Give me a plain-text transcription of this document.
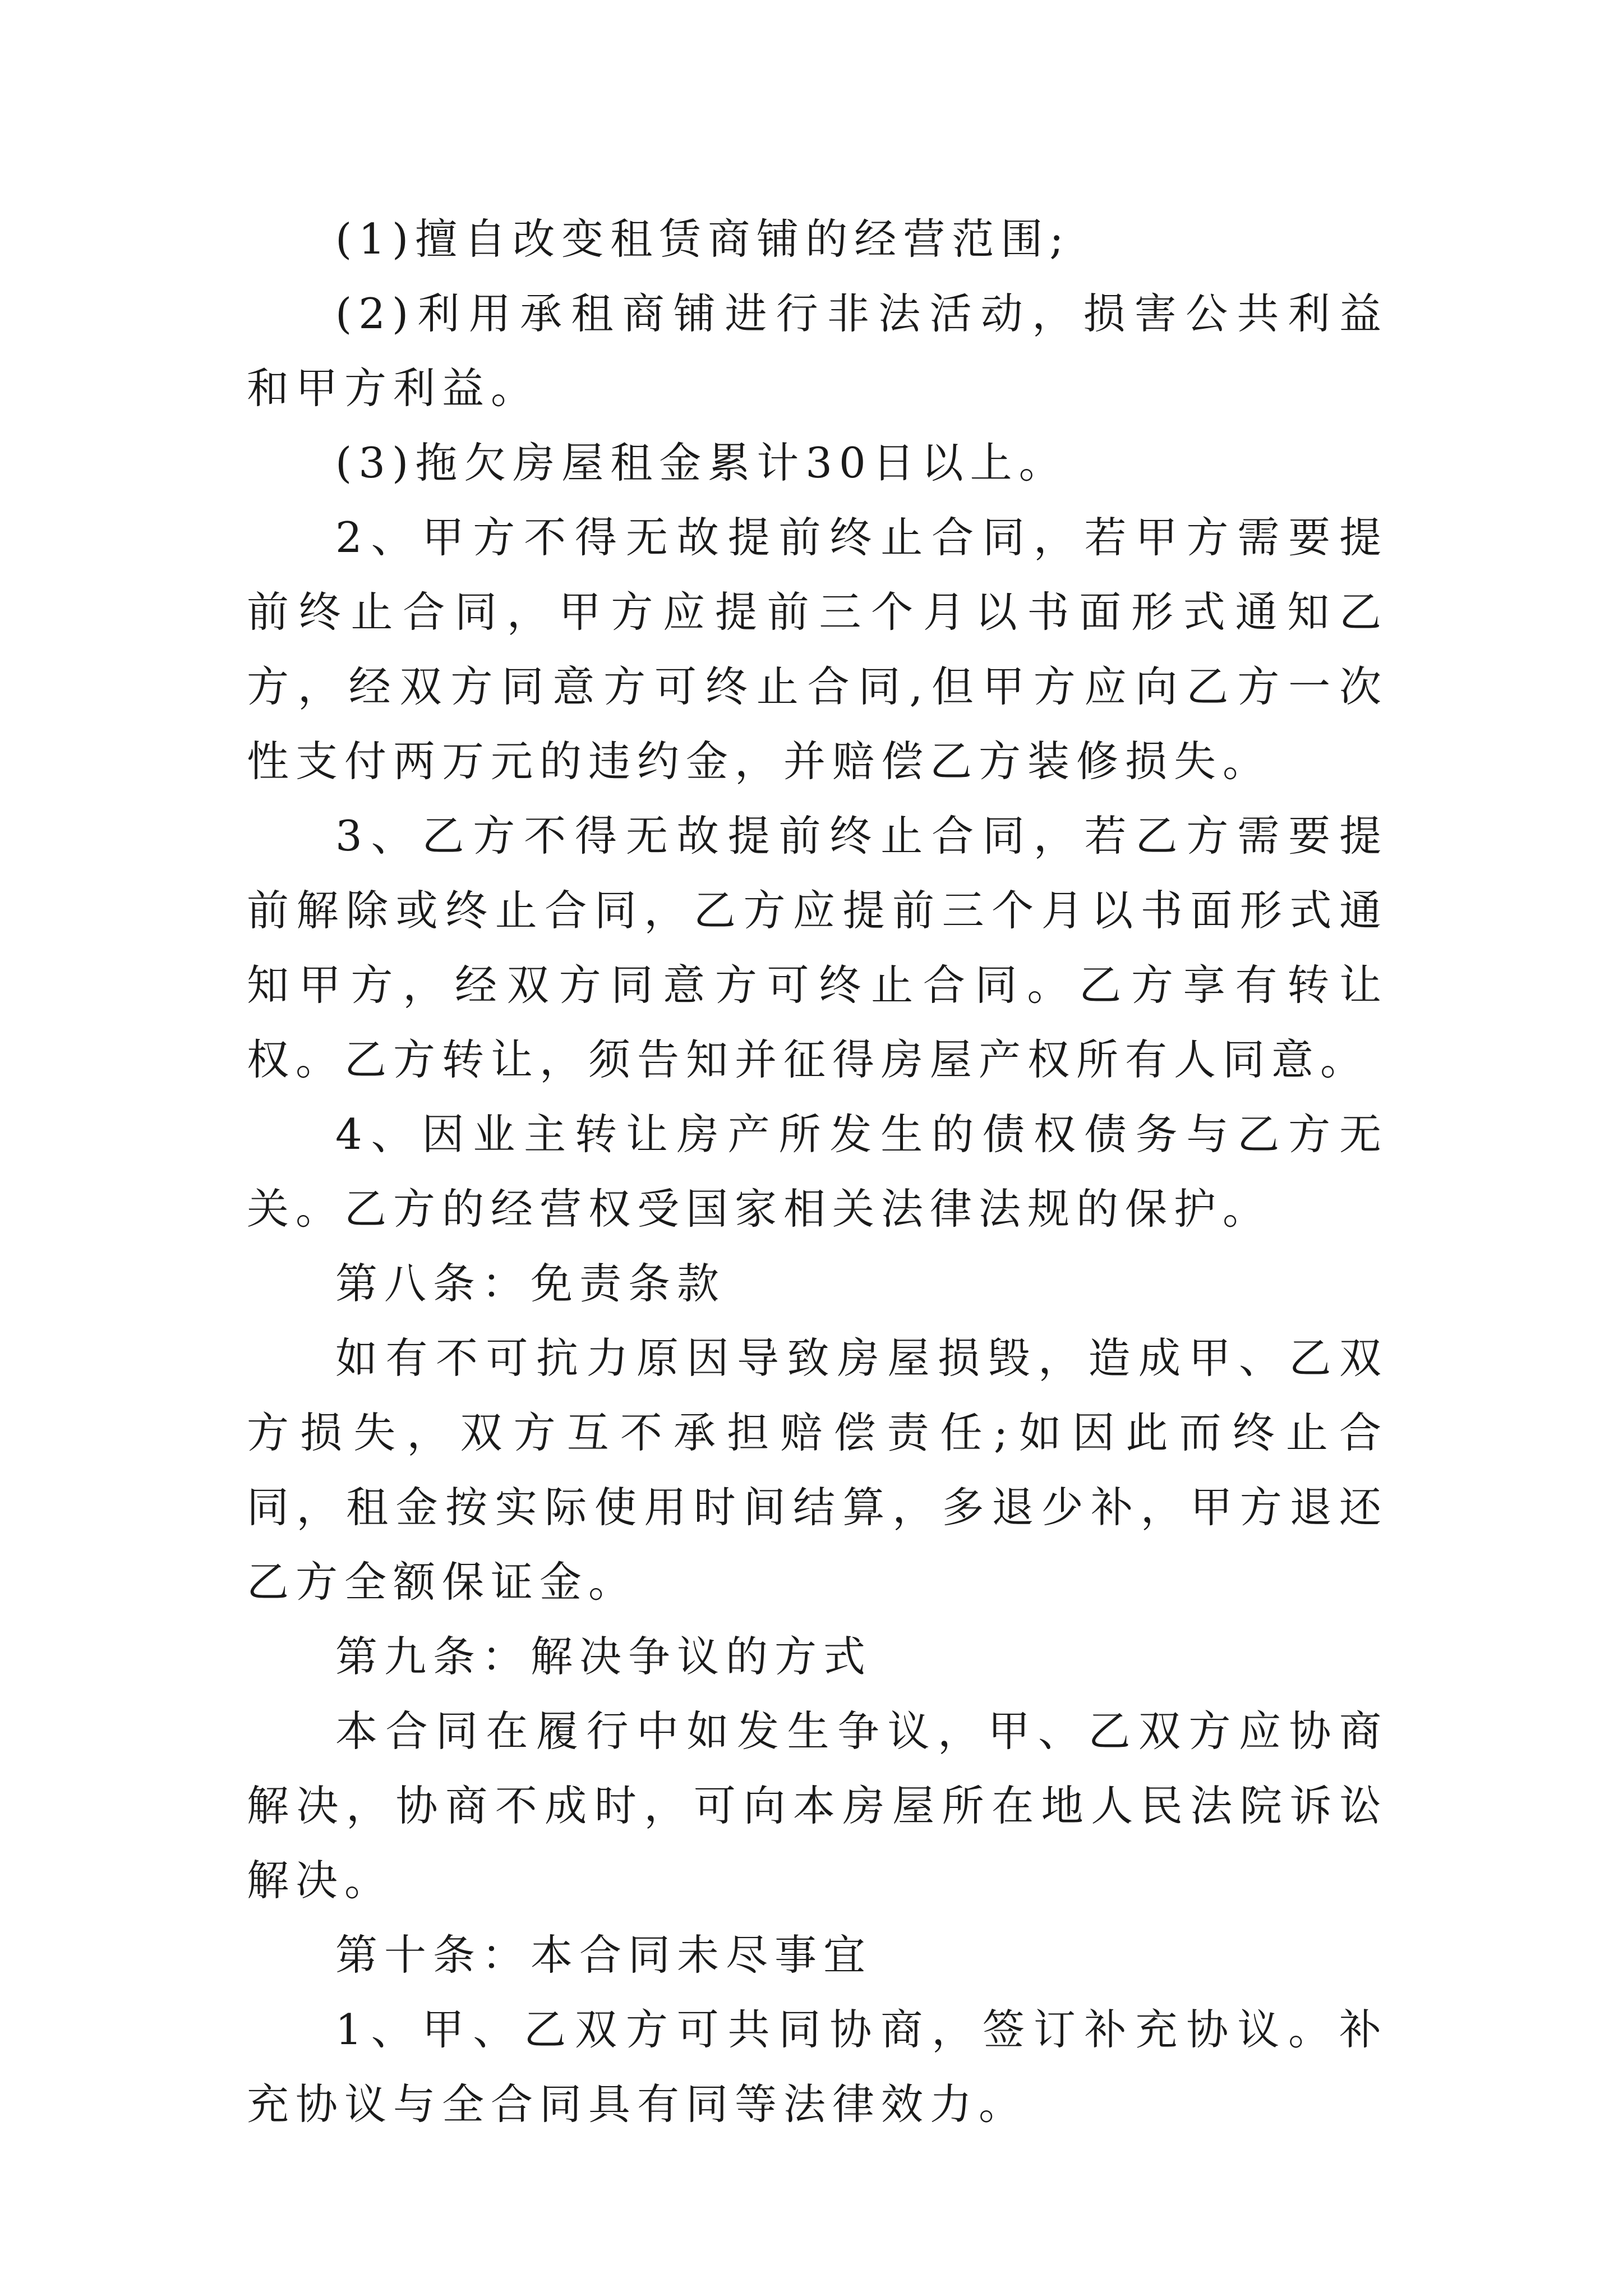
(1)擅自改变租赁商铺的经营范围;

(2)利用承租商铺进行非法活动，损害公共利益和甲方利益。

(3)拖欠房屋租金累计30日以上。

2、甲方不得无故提前终止合同，若甲方需要提前终止合同，甲方应提前三个月以书面形式通知乙方，经双方同意方可终止合同,但甲方应向乙方一次性支付两万元的违约金，并赔偿乙方装修损失。

3、乙方不得无故提前终止合同，若乙方需要提前解除或终止合同，乙方应提前三个月以书面形式通知甲方，经双方同意方可终止合同。乙方享有转让权。乙方转让，须告知并征得房屋产权所有人同意。

4、因业主转让房产所发生的债权债务与乙方无关。乙方的经营权受国家相关法律法规的保护。

第八条：免责条款

如有不可抗力原因导致房屋损毁，造成甲、乙双方损失，双方互不承担赔偿责任;如因此而终止合同，租金按实际使用时间结算，多退少补，甲方退还乙方全额保证金。

第九条：解决争议的方式

本合同在履行中如发生争议，甲、乙双方应协商解决，协商不成时，可向本房屋所在地人民法院诉讼解决。

第十条：本合同未尽事宜

1、甲、乙双方可共同协商，签订补充协议。补充协议与全合同具有同等法律效力。
